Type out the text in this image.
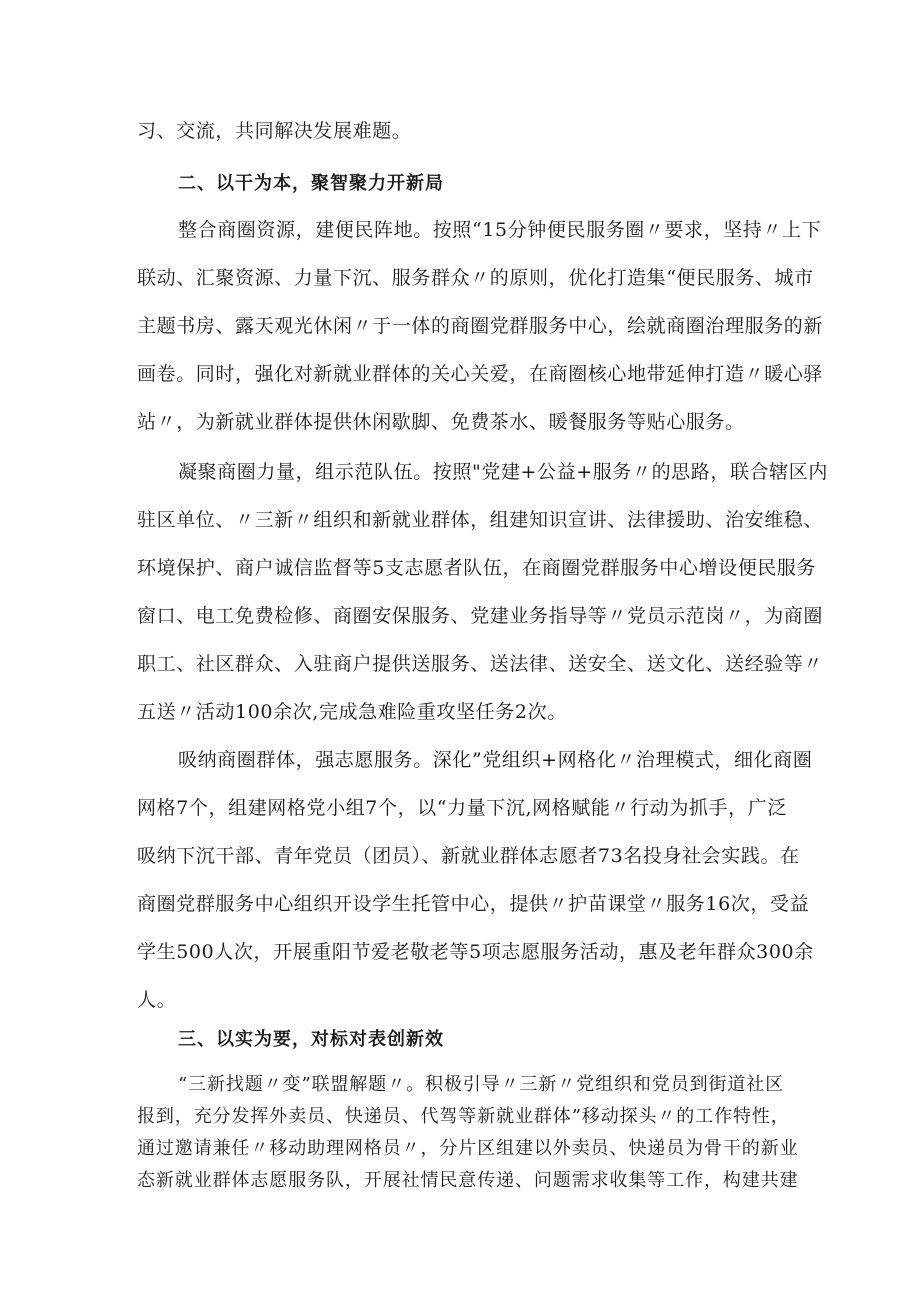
习、交流，共同解决发展难题。
二、以干为本，聚智聚力开新局
整合商圈资源，建便民阵地。按照“15分钟便民服务圈〃要求，坚持〃上下
联动、汇聚资源、力量下沉、服务群众〃的原则，优化打造集“便民服务、城市
主题书房、露天观光休闲〃于一体的商圈党群服务中心，绘就商圈治理服务的新
画卷。同时，强化对新就业群体的关心关爱，在商圈核心地带延伸打造〃暖心驿
站〃，为新就业群体提供休闲歇脚、免费茶水、暖餐服务等贴心服务。
凝聚商圈力量，组示范队伍。按照"党建+公益+服务〃的思路，联合辖区内
驻区单位、〃三新〃组织和新就业群体，组建知识宣讲、法律援助、治安维稳、
环境保护、商户诚信监督等5支志愿者队伍，在商圈党群服务中心增设便民服务
窗口、电工免费检修、商圈安保服务、党建业务指导等〃党员示范岗〃，为商圈
职工、社区群众、入驻商户提供送服务、送法律、送安全、送文化、送经验等〃
五送〃活动100余次,完成急难险重攻坚任务2次。
吸纳商圈群体，强志愿服务。深化”党组织+网格化〃治理模式，细化商圈
网格7个，组建网格党小组7个，以“力量下沉,网格赋能〃行动为抓手，广泛
吸纳下沉干部、青年党员（团员）、新就业群体志愿者73名投身社会实践。在
商圈党群服务中心组织开设学生托管中心，提供〃护苗课堂〃服务16次，受益
学生500人次，开展重阳节爱老敬老等5项志愿服务活动，惠及老年群众300余
人。
三、以实为要，对标对表创新效
“三新找题〃变”联盟解题〃。积极引导〃三新〃党组织和党员到街道社区
报到，充分发挥外卖员、快递员、代驾等新就业群体”移动探头〃的工作特性，
通过邀请兼任〃移动助理网格员〃，分片区组建以外卖员、快递员为骨干的新业
态新就业群体志愿服务队，开展社情民意传递、问题需求收集等工作，构建共建
